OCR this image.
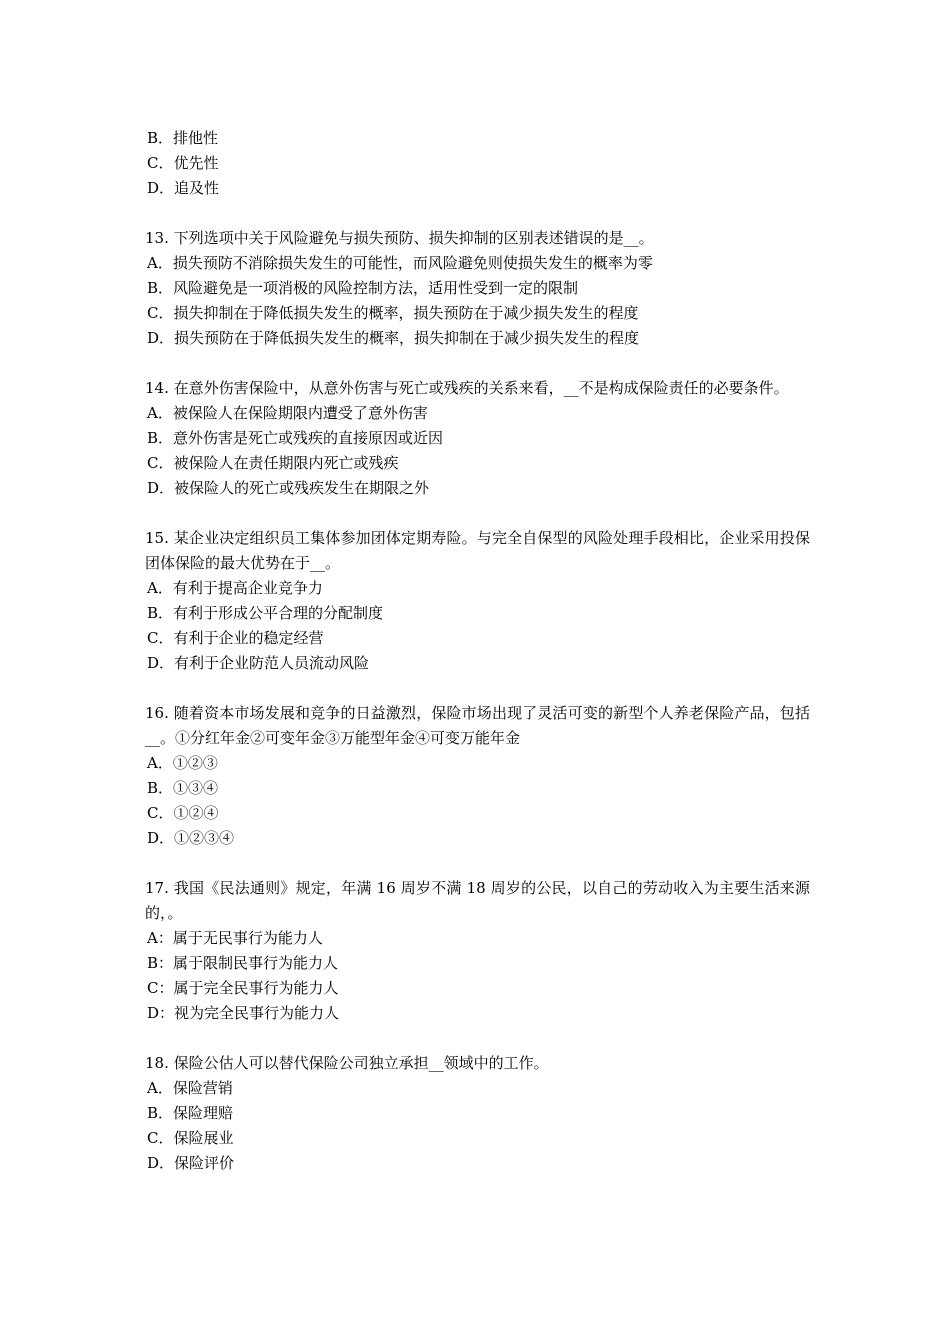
B．排他性
C．优先性
D．追及性
13. 下列选项中关于风险避免与损失预防、损失抑制的区别表述错误的是__。
A．损失预防不消除损失发生的可能性，而风险避免则使损失发生的概率为零
B．风险避免是一项消极的风险控制方法，适用性受到一定的限制
C．损失抑制在于降低损失发生的概率，损失预防在于减少损失发生的程度
D．损失预防在于降低损失发生的概率，损失抑制在于减少损失发生的程度
14. 在意外伤害保险中，从意外伤害与死亡或残疾的关系来看，__不是构成保险责任的必要条件。
A．被保险人在保险期限内遭受了意外伤害
B．意外伤害是死亡或残疾的直接原因或近因
C．被保险人在责任期限内死亡或残疾
D．被保险人的死亡或残疾发生在期限之外
15. 某企业决定组织员工集体参加团体定期寿险。与完全自保型的风险处理手段相比，企业采用投保团体保险的最大优势在于__。
A．有利于提高企业竞争力
B．有利于形成公平合理的分配制度
C．有利于企业的稳定经营
D．有利于企业防范人员流动风险
16. 随着资本市场发展和竞争的日益激烈，保险市场出现了灵活可变的新型个人养老保险产品，包括__。①分红年金②可变年金③万能型年金④可变万能年金
A．①②③
B．①③④
C．①②④
D．①②③④
17. 我国《民法通则》规定，年满 16 周岁不满 18 周岁的公民，以自己的劳动收入为主要生活来源的，。
A：属于无民事行为能力人
B：属于限制民事行为能力人
C：属于完全民事行为能力人
D：视为完全民事行为能力人
18. 保险公估人可以替代保险公司独立承担__领域中的工作。
A．保险营销
B．保险理赔
C．保险展业
D．保险评价
